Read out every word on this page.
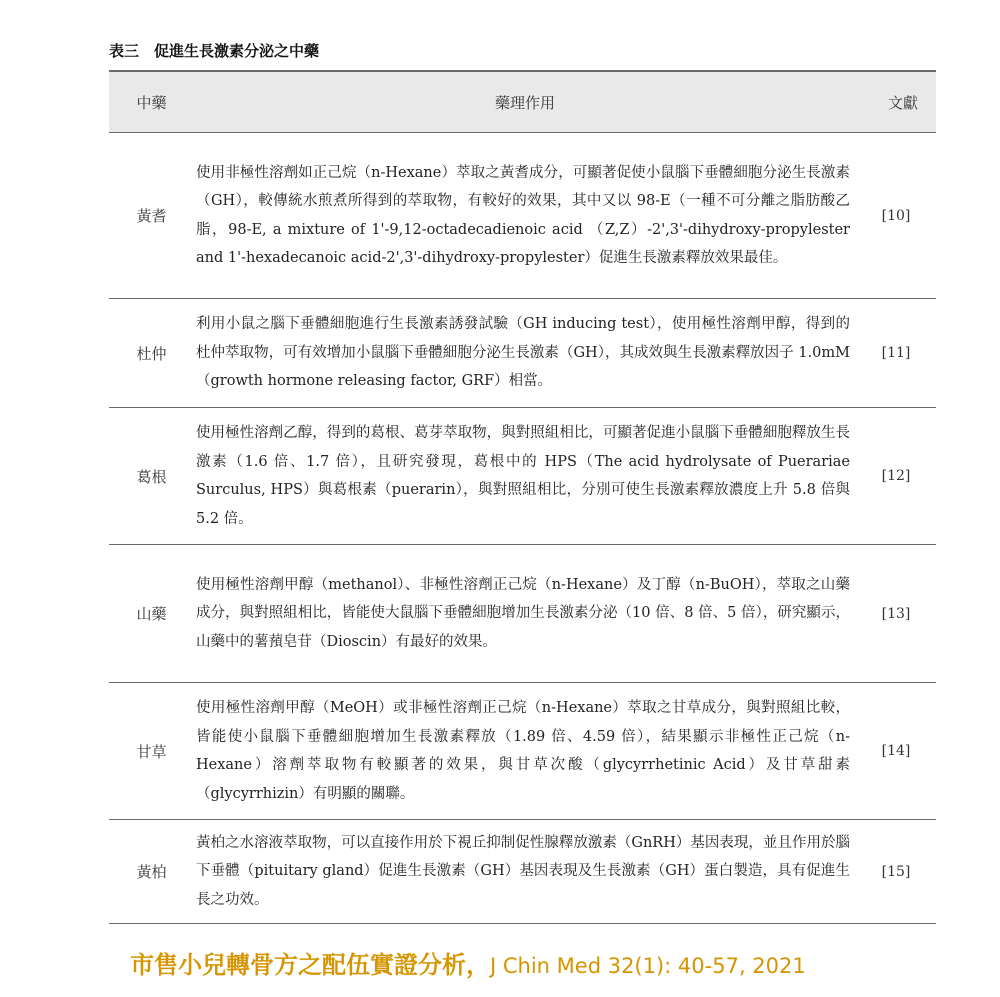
表三　促進生長激素分泌之中藥
中藥	藥理作用	文獻
黃耆
使用非極性溶劑如正己烷（n-Hexane）萃取之黃耆成分，可顯著促使小鼠腦下垂體細胞分泌生長激素（GH），較傳統水煎煮所得到的萃取物，有較好的效果，其中又以 98-E（一種不可分離之脂肪酸乙脂，98-E, a mixture of 1'-9,12-octadecadienoic acid （Z,Z）-2',3'-dihydroxy-propylester and 1'-hexadecanoic acid-2',3'-dihydroxy-propylester）促進生長激素釋放效果最佳。
[10]
杜仲
利用小鼠之腦下垂體細胞進行生長激素誘發試驗（GH inducing test），使用極性溶劑甲醇，得到的杜仲萃取物，可有效增加小鼠腦下垂體細胞分泌生長激素（GH），其成效與生長激素釋放因子 1.0mM（growth hormone releasing factor, GRF）相當。
[11]
葛根
使用極性溶劑乙醇，得到的葛根、葛芽萃取物，與對照組相比，可顯著促進小鼠腦下垂體細胞釋放生長激素（1.6 倍、1.7 倍），且研究發現，葛根中的 HPS（The acid hydrolysate of Puerariae Surculus, HPS）與葛根素（puerarin），與對照組相比，分別可使生長激素釋放濃度上升 5.8 倍與 5.2 倍。
[12]
山藥
使用極性溶劑甲醇（methanol）、非極性溶劑正己烷（n-Hexane）及丁醇（n-BuOH），萃取之山藥成分，與對照組相比，皆能使大鼠腦下垂體細胞增加生長激素分泌（10 倍、8 倍、5 倍），研究顯示，山藥中的薯蕷皂苷（Dioscin）有最好的效果。
[13]
甘草
使用極性溶劑甲醇（MeOH）或非極性溶劑正己烷（n-Hexane）萃取之甘草成分，與對照組比較，皆能使小鼠腦下垂體細胞增加生長激素釋放（1.89 倍、4.59 倍），結果顯示非極性正己烷（n-Hexane）溶劑萃取物有較顯著的效果，與甘草次酸（glycyrrhetinic Acid）及甘草甜素（glycyrrhizin）有明顯的關聯。
[14]
黃柏
黃柏之水溶液萃取物，可以直接作用於下視丘抑制促性腺釋放激素（GnRH）基因表現，並且作用於腦下垂體（pituitary gland）促進生長激素（GH）基因表現及生長激素（GH）蛋白製造，具有促進生長之功效。
[15]
市售小兒轉骨方之配伍實證分析，J Chin Med 32(1): 40-57, 2021
